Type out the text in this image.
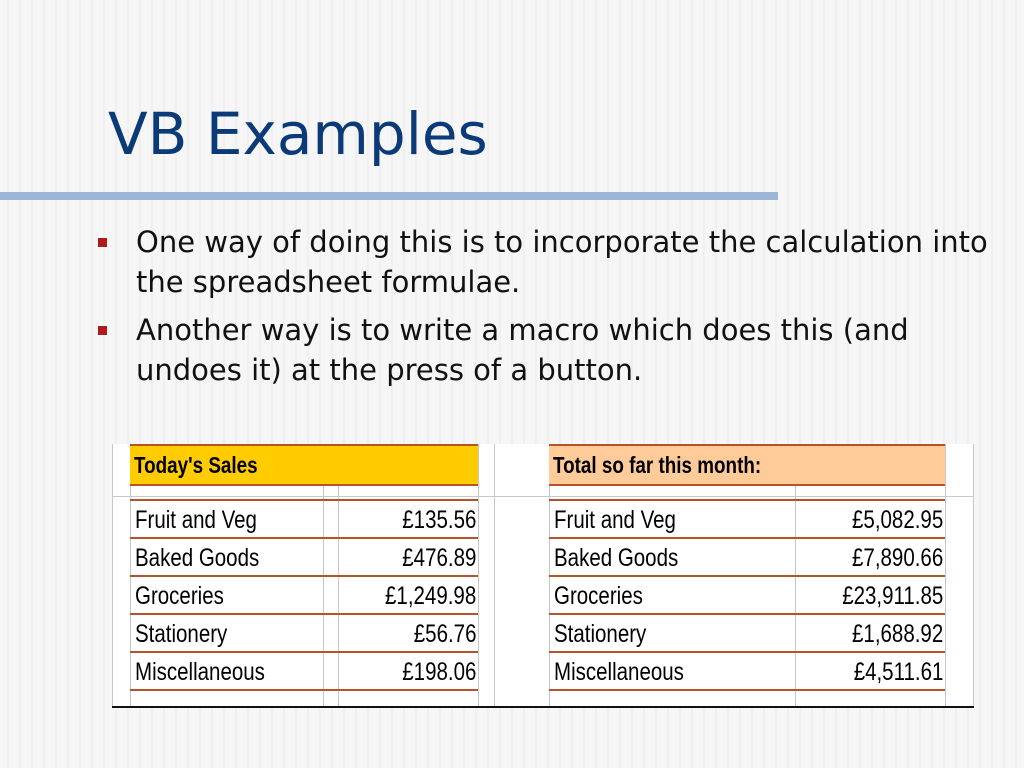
VB Examples
One way of doing this is to incorporate the calculation into the spreadsheet formulae.
Another way is to write a macro which does this (and undoes it) at the press of a button.
Today's Sales	Total so far this month:
Fruit and Veg	£135.56
Baked Goods	£476.89
Groceries	£1,249.98
Stationery	£56.76
Miscellaneous	£198.06
Fruit and Veg	£5,082.95
Baked Goods	£7,890.66
Groceries	£23,911.85
Stationery	£1,688.92
Miscellaneous	£4,511.61
